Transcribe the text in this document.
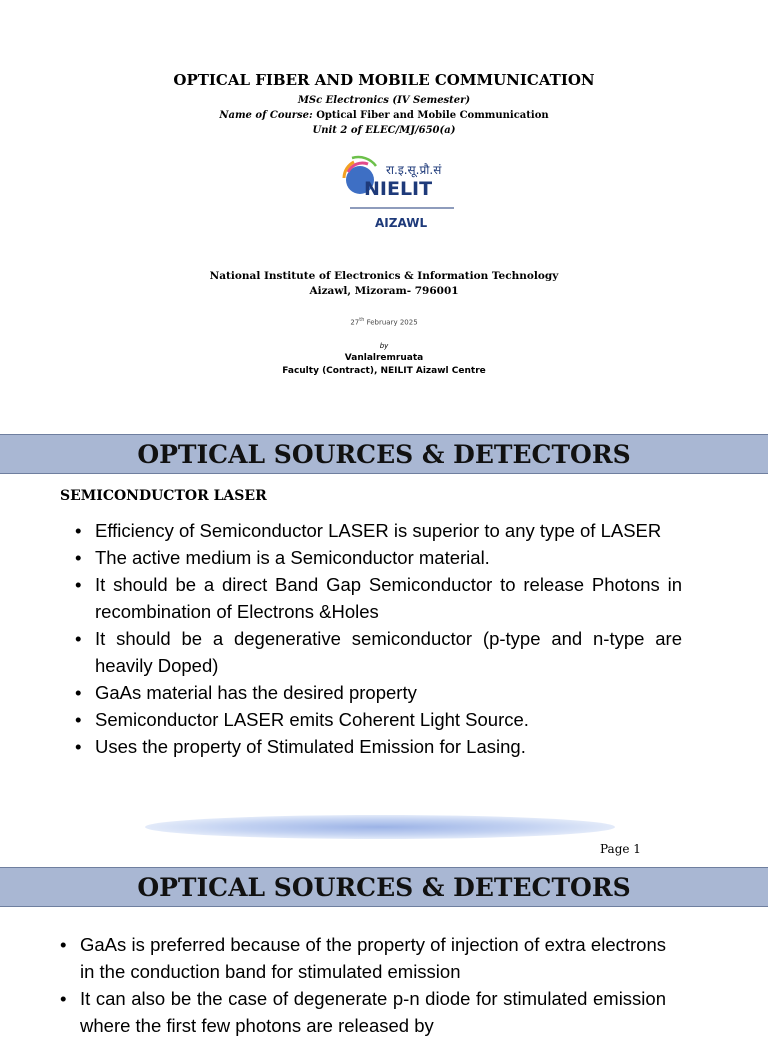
OPTICAL FIBER AND MOBILE COMMUNICATION
MSc Electronics (IV Semester)
Name of Course: Optical Fiber and Mobile Communication
Unit 2 of ELEC/MJ/650(a)
रा.इ.सू.प्रौ.सं
NIELIT
AIZAWL
National Institute of Electronics & Information Technology
Aizawl, Mizoram- 796001
27th February 2025
by
Vanlalremruata
Faculty (Contract), NEILIT Aizawl Centre
OPTICAL SOURCES & DETECTORS
SEMICONDUCTOR LASER
• Efficiency of Semiconductor LASER is superior to any type of LASER
• The active medium is a Semiconductor material.
• It should be a direct Band Gap Semiconductor to release Photons in recombination of Electrons &Holes
• It should be a degenerative semiconductor (p-type and n-type are heavily Doped)
• GaAs material has the desired property
• Semiconductor LASER emits Coherent Light Source.
• Uses the property of Stimulated Emission for Lasing.
Page 1
OPTICAL SOURCES & DETECTORS
• GaAs is preferred because of the property of injection of extra electrons in the conduction band for stimulated emission
• It can also be the case of degenerate p-n diode for stimulated emission where the first few photons are released by
